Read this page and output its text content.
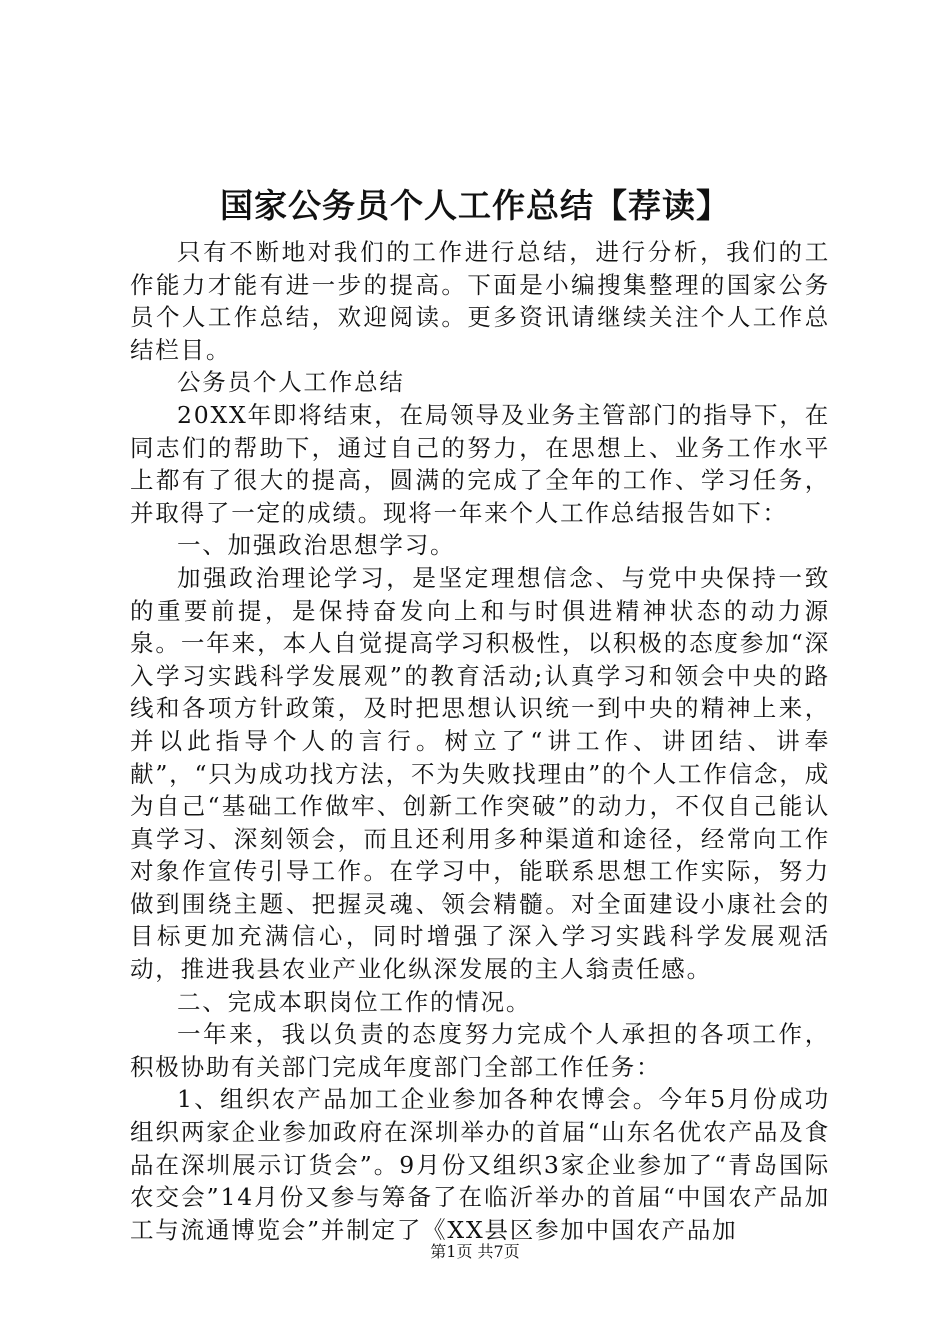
国家公务员个人工作总结【荐读】

只有不断地对我们的工作进行总结，进行分析，我们的工作能力才能有进一步的提高。下面是小编搜集整理的国家公务员个人工作总结，欢迎阅读。更多资讯请继续关注个人工作总结栏目。

公务员个人工作总结

20XX年即将结束，在局领导及业务主管部门的指导下，在同志们的帮助下，通过自己的努力，在思想上、业务工作水平上都有了很大的提高，圆满的完成了全年的工作、学习任务，并取得了一定的成绩。现将一年来个人工作总结报告如下：

一、加强政治思想学习。

加强政治理论学习，是坚定理想信念、与党中央保持一致的重要前提，是保持奋发向上和与时俱进精神状态的动力源泉。一年来，本人自觉提高学习积极性，以积极的态度参加“深入学习实践科学发展观”的教育活动;认真学习和领会中央的路线和各项方针政策，及时把思想认识统一到中央的精神上来，并以此指导个人的言行。树立了“讲工作、讲团结、讲奉献”，“只为成功找方法，不为失败找理由”的个人工作信念，成为自己“基础工作做牢、创新工作突破”的动力，不仅自己能认真学习、深刻领会，而且还利用多种渠道和途径，经常向工作对象作宣传引导工作。在学习中，能联系思想工作实际，努力做到围绕主题、把握灵魂、领会精髓。对全面建设小康社会的目标更加充满信心，同时增强了深入学习实践科学发展观活动，推进我县农业产业化纵深发展的主人翁责任感。

二、完成本职岗位工作的情况。

一年来，我以负责的态度努力完成个人承担的各项工作，积极协助有关部门完成年度部门全部工作任务：

1、组织农产品加工企业参加各种农博会。今年5月份成功组织两家企业参加政府在深圳举办的首届“山东名优农产品及食品在深圳展示订货会”。9月份又组织3家企业参加了“青岛国际农交会”14月份又参与筹备了在临沂举办的首届“中国农产品加工与流通博览会”并制定了《XX县区参加中国农产品加

第1页 共7页
